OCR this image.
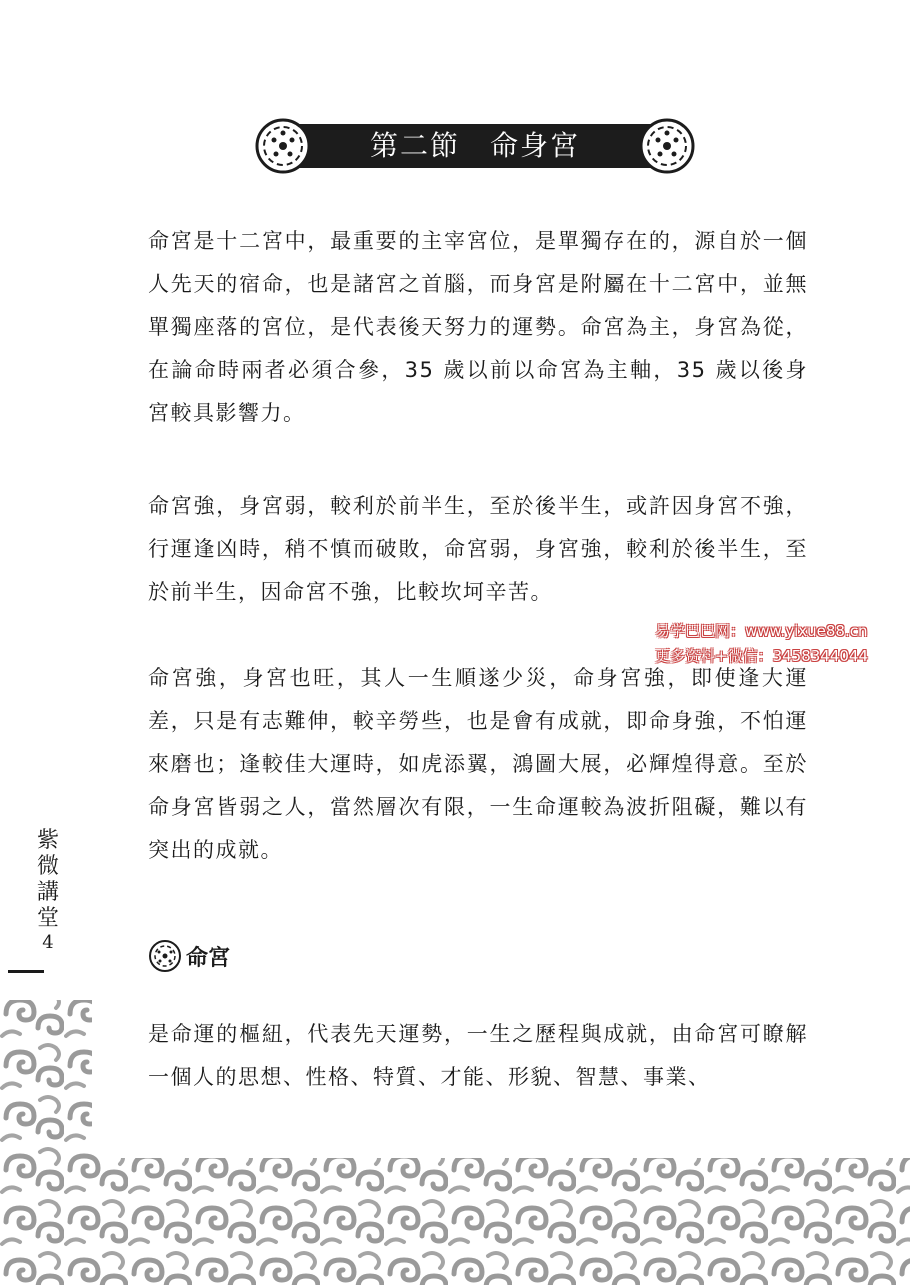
第二節　命身宮

命宮是十二宮中，最重要的主宰宮位，是單獨存在的，源自於一個人先天的宿命，也是諸宮之首腦，而身宮是附屬在十二宮中，並無單獨座落的宮位，是代表後天努力的運勢。命宮為主，身宮為從，在論命時兩者必須合參，35 歲以前以命宮為主軸，35 歲以後身宮較具影響力。

命宮強，身宮弱，較利於前半生，至於後半生，或許因身宮不強，行運逢凶時，稍不慎而破敗，命宮弱，身宮強，較利於後半生，至於前半生，因命宮不強，比較坎坷辛苦。

命宮強，身宮也旺，其人一生順遂少災，命身宮強，即使逢大運差，只是有志難伸，較辛勞些，也是會有成就，即命身強，不怕運來磨也；逢較佳大運時，如虎添翼，鴻圖大展，必輝煌得意。至於命身宮皆弱之人，當然層次有限，一生命運較為波折阻礙，難以有突出的成就。

命宮

是命運的樞紐，代表先天運勢，一生之歷程與成就，由命宮可瞭解一個人的思想、性格、特質、才能、形貌、智慧、事業、

紫
微
講
堂
4
易学巴巴网：www.yixue88.cn
更多资料+微信：3458344044
